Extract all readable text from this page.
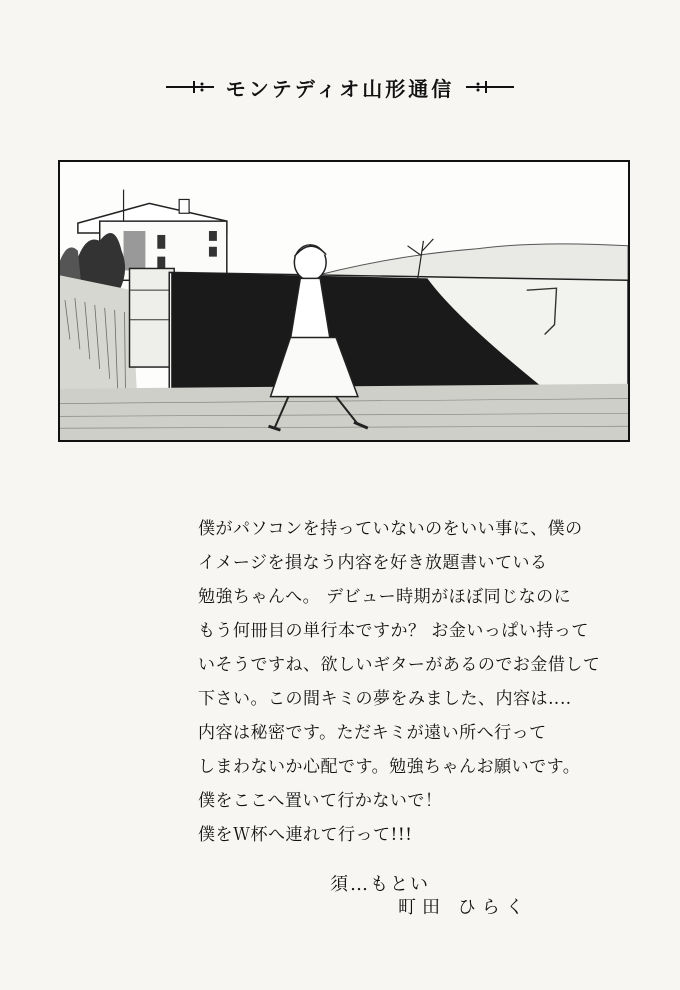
モンテディオ山形通信
僕がパソコンを持っていないのをいい事に、僕の
イメージを損なう内容を好き放題書いている
勉強ちゃんへ。 デビュー時期がほぼ同じなのに
もう何冊目の単行本ですか？ お金いっぱい持って
いそうですね、欲しいギターがあるのでお金借して
下さい。この間キミの夢をみました、内容は‥‥
内容は秘密です。ただキミが遠い所へ行って
しまわないか心配です。勉強ちゃんお願いです。
僕をここへ置いて行かないで！
僕をＷ杯へ連れて行って!!!
須…もとい
町田 ひらく
